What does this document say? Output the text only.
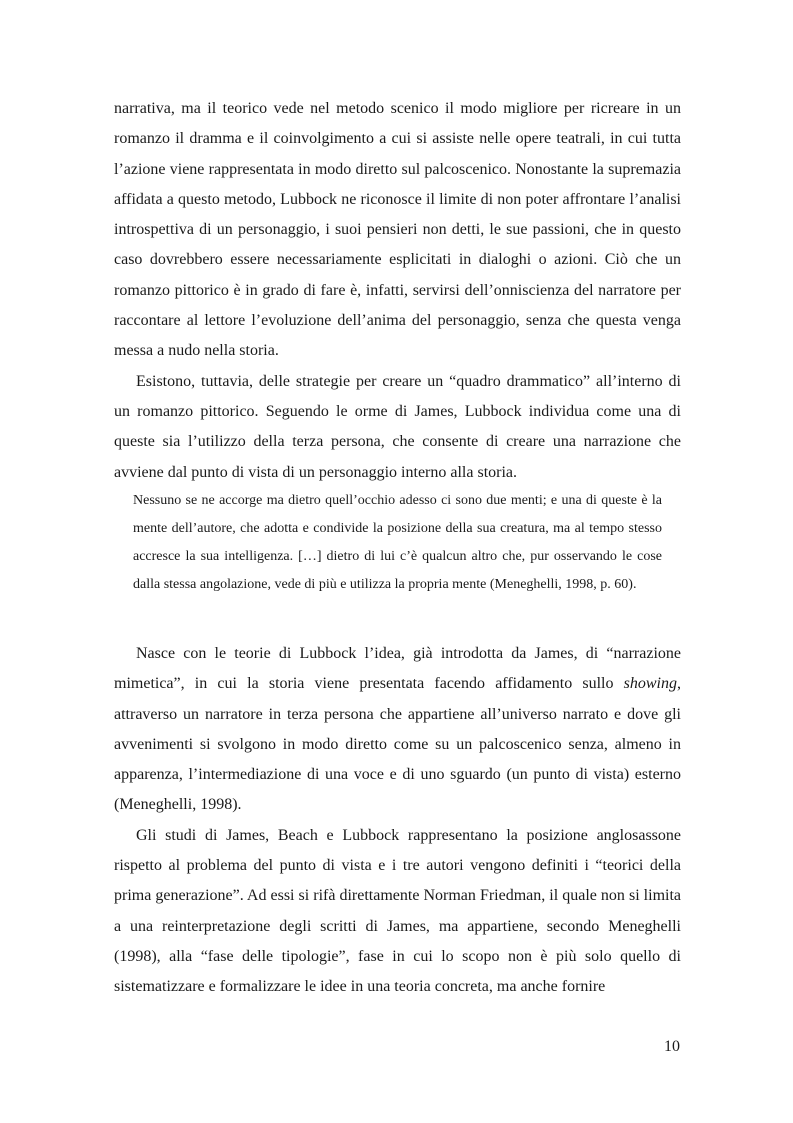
narrativa, ma il teorico vede nel metodo scenico il modo migliore per ricreare in un romanzo il dramma e il coinvolgimento a cui si assiste nelle opere teatrali, in cui tutta l’azione viene rappresentata in modo diretto sul palcoscenico. Nonostante la supremazia affidata a questo metodo, Lubbock ne riconosce il limite di non poter affrontare l’analisi introspettiva di un personaggio, i suoi pensieri non detti, le sue passioni, che in questo caso dovrebbero essere necessariamente esplicitati in dialoghi o azioni. Ciò che un romanzo pittorico è in grado di fare è, infatti, servirsi dell’onniscienza del narratore per raccontare al lettore l’evoluzione dell’anima del personaggio, senza che questa venga messa a nudo nella storia.

Esistono, tuttavia, delle strategie per creare un “quadro drammatico” all’interno di un romanzo pittorico. Seguendo le orme di James, Lubbock individua come una di queste sia l’utilizzo della terza persona, che consente di creare una narrazione che avviene dal punto di vista di un personaggio interno alla storia.

Nessuno se ne accorge ma dietro quell’occhio adesso ci sono due menti; e una di queste è la mente dell’autore, che adotta e condivide la posizione della sua creatura, ma al tempo stesso accresce la sua intelligenza. […] dietro di lui c’è qualcun altro che, pur osservando le cose dalla stessa angolazione, vede di più e utilizza la propria mente (Meneghelli, 1998, p. 60).

Nasce con le teorie di Lubbock l’idea, già introdotta da James, di “narrazione mimetica”, in cui la storia viene presentata facendo affidamento sullo showing, attraverso un narratore in terza persona che appartiene all’universo narrato e dove gli avvenimenti si svolgono in modo diretto come su un palcoscenico senza, almeno in apparenza, l’intermediazione di una voce e di uno sguardo (un punto di vista) esterno (Meneghelli, 1998).

Gli studi di James, Beach e Lubbock rappresentano la posizione anglosassone rispetto al problema del punto di vista e i tre autori vengono definiti i “teorici della prima generazione”. Ad essi si rifà direttamente Norman Friedman, il quale non si limita a una reinterpretazione degli scritti di James, ma appartiene, secondo Meneghelli (1998), alla “fase delle tipologie”, fase in cui lo scopo non è più solo quello di sistematizzare e formalizzare le idee in una teoria concreta, ma anche fornire

10
